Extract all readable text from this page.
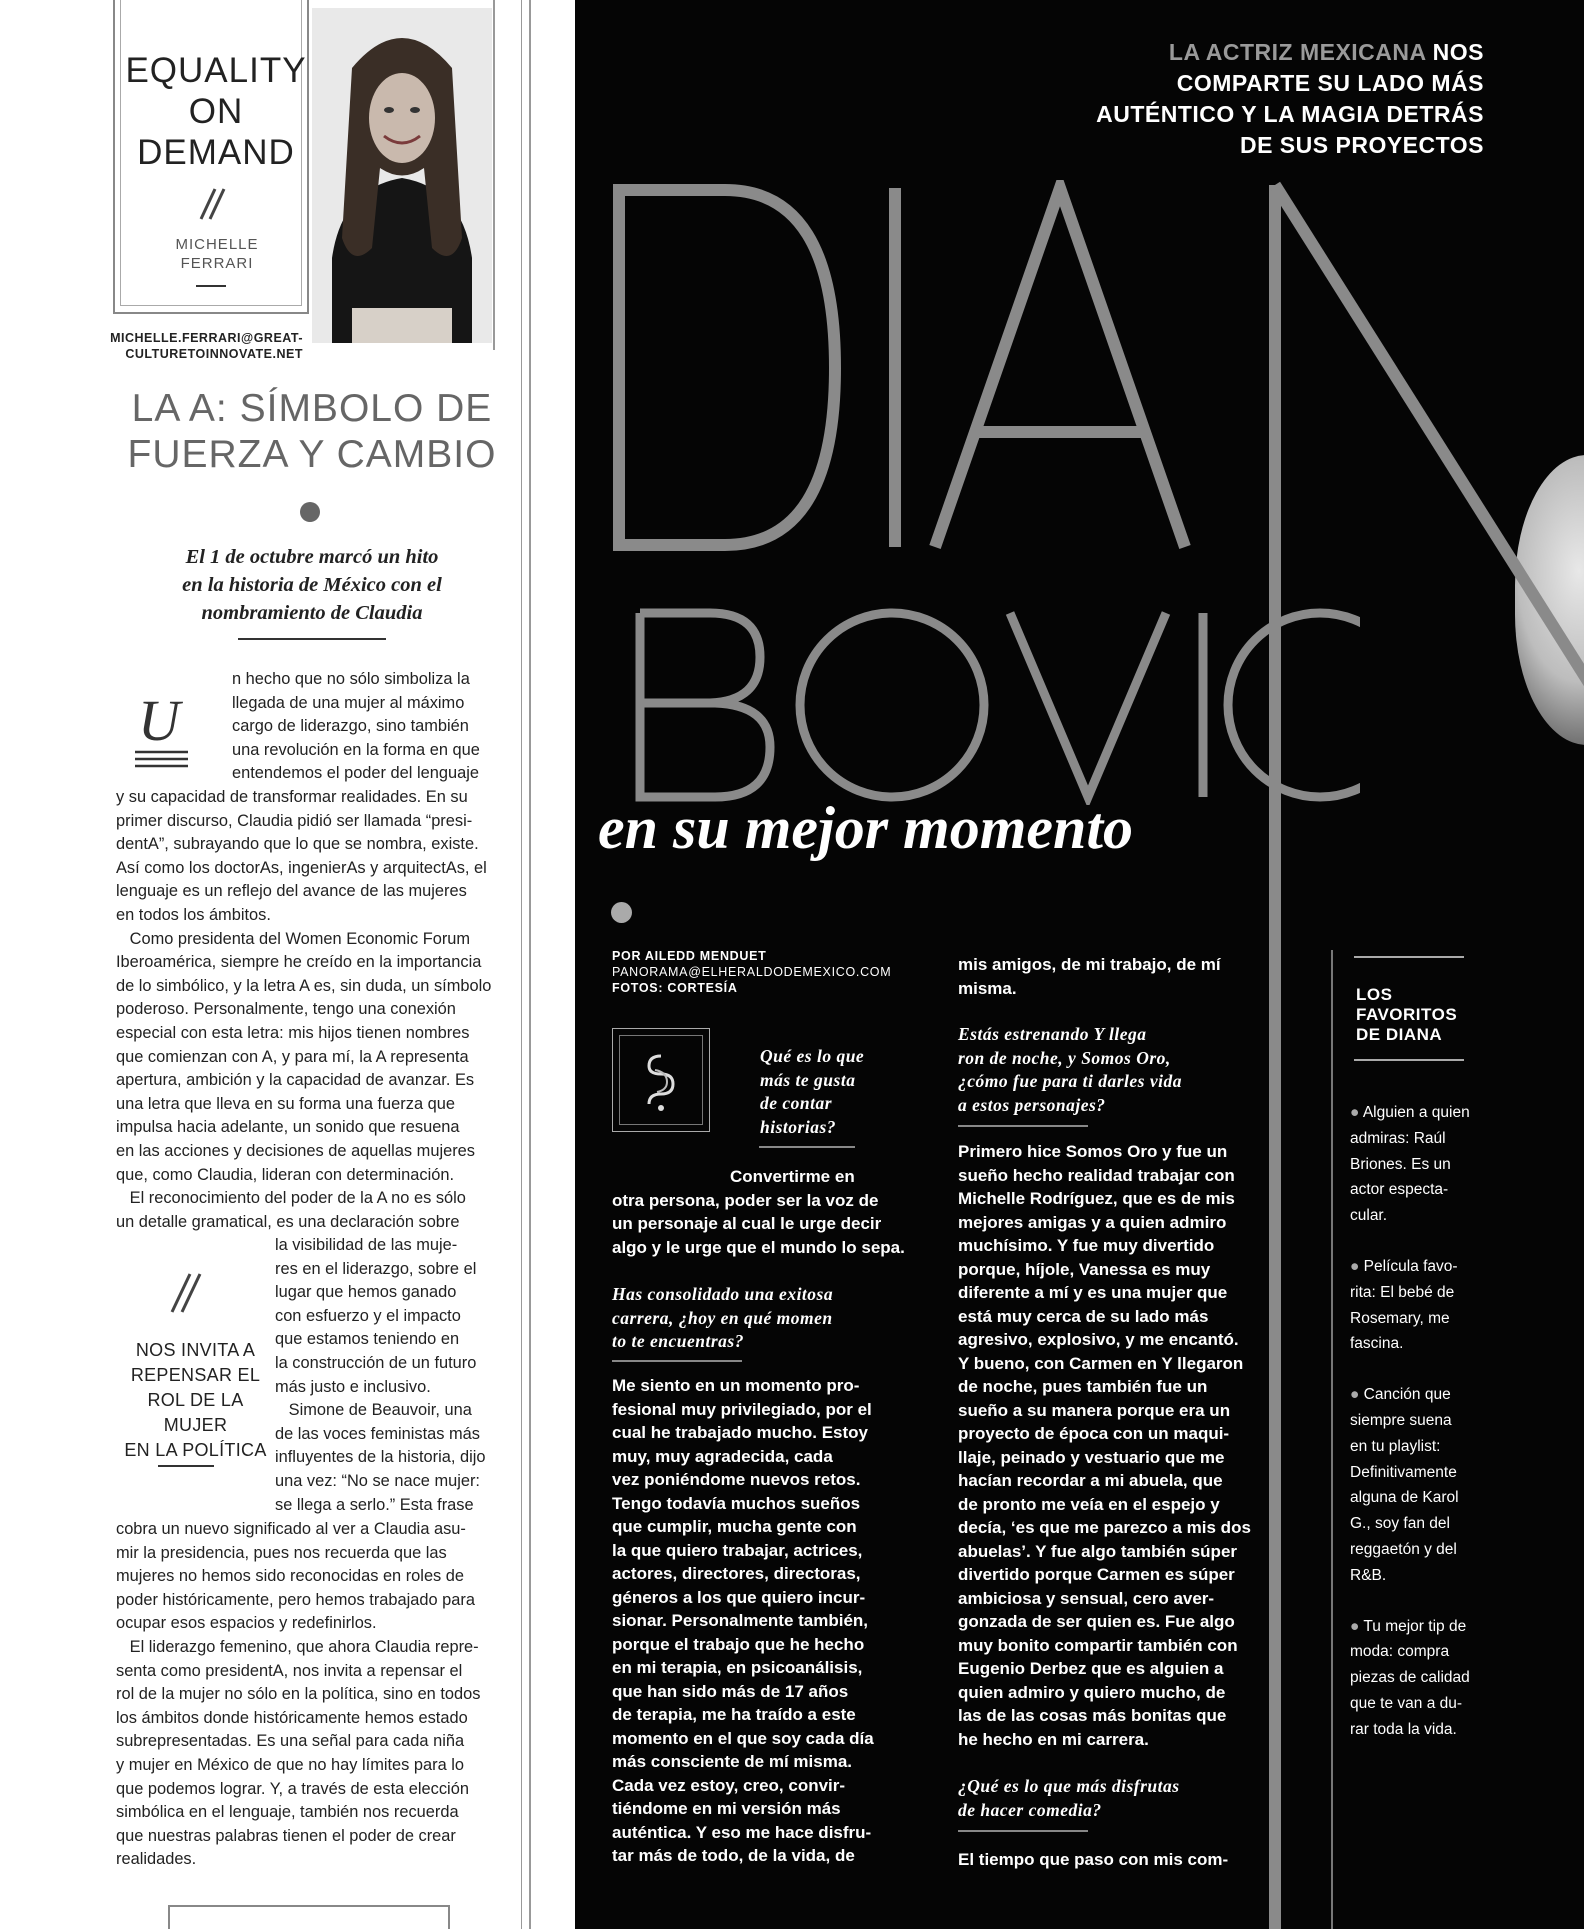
EQUALITY
ON
DEMAND
MICHELLE
FERRARI
MICHELLE.FERRARI@GREAT-
CULTURETOINNOVATE.NET
LA A: SÍMBOLO DE
FUERZA Y CAMBIO
El 1 de octubre marcó un hito
en la historia de México con el
nombramiento de Claudia
U
n hecho que no sólo simboliza la
llegada de una mujer al máximo
cargo de liderazgo, sino también
una revolución en la forma en que
entendemos el poder del lenguaje
y su capacidad de transformar realidades. En su
primer discurso, Claudia pidió ser llamada “presi-
dentA”, subrayando que lo que se nombra, existe.
Así como los doctorAs, ingenierAs y arquitectAs, el
lenguaje es un reflejo del avance de las mujeres
en todos los ámbitos.
Como presidenta del Women Economic Forum
Iberoamérica, siempre he creído en la importancia
de lo simbólico, y la letra A es, sin duda, un símbolo
poderoso. Personalmente, tengo una conexión
especial con esta letra: mis hijos tienen nombres
que comienzan con A, y para mí, la A representa
apertura, ambición y la capacidad de avanzar. Es
una letra que lleva en su forma una fuerza que
impulsa hacia adelante, un sonido que resuena
en las acciones y decisiones de aquellas mujeres
que, como Claudia, lideran con determinación.
El reconocimiento del poder de la A no es sólo
un detalle gramatical, es una declaración sobre
la visibilidad de las muje-
res en el liderazgo, sobre el
lugar que hemos ganado
con esfuerzo y el impacto
que estamos teniendo en
la construcción de un futuro
más justo e inclusivo.
Simone de Beauvoir, una
de las voces feministas más
influyentes de la historia, dijo
una vez: “No se nace mujer:
se llega a serlo.” Esta frase
cobra un nuevo significado al ver a Claudia asu-
mir la presidencia, pues nos recuerda que las
mujeres no hemos sido reconocidas en roles de
poder históricamente, pero hemos trabajado para
ocupar esos espacios y redefinirlos.
El liderazgo femenino, que ahora Claudia repre-
senta como presidentA, nos invita a repensar el
rol de la mujer no sólo en la política, sino en todos
los ámbitos donde históricamente hemos estado
subrepresentadas. Es una señal para cada niña
y mujer en México de que no hay límites para lo
que podemos lograr. Y, a través de esta elección
simbólica en el lenguaje, también nos recuerda
que nuestras palabras tienen el poder de crear
realidades.
NOS INVITA A
REPENSAR EL
ROL DE LA MUJER
EN LA POLÍTICA
LA ACTRIZ MEXICANA NOS
COMPARTE SU LADO MÁS
AUTÉNTICO Y LA MAGIA DETRÁS
DE SUS PROYECTOS
en su mejor momento
POR AILEDD MENDUET
PANORAMA@ELHERALDODEMEXICO.COM
FOTOS: CORTESÍA
Qué es lo que
más te gusta
de contar
historias?
Convertirme en
otra persona, poder ser la voz de
un personaje al cual le urge decir
algo y le urge que el mundo lo sepa.
Has consolidado una exitosa
carrera, ¿hoy en qué momen
to te encuentras?
Me siento en un momento pro-
fesional muy privilegiado, por el
cual he trabajado mucho. Estoy
muy, muy agradecida, cada
vez poniéndome nuevos retos.
Tengo todavía muchos sueños
que cumplir, mucha gente con
la que quiero trabajar, actrices,
actores, directores, directoras,
géneros a los que quiero incur-
sionar. Personalmente también,
porque el trabajo que he hecho
en mi terapia, en psicoanálisis,
que han sido más de 17 años
de terapia, me ha traído a este
momento en el que soy cada día
más consciente de mí misma.
Cada vez estoy, creo, convir-
tiéndome en mi versión más
auténtica. Y eso me hace disfru-
tar más de todo, de la vida, de
mis amigos, de mi trabajo, de mí
misma.
Estás estrenando Y llega
ron de noche, y Somos Oro,
¿cómo fue para ti darles vida
a estos personajes?
Primero hice Somos Oro y fue un
sueño hecho realidad trabajar con
Michelle Rodríguez, que es de mis
mejores amigas y a quien admiro
muchísimo. Y fue muy divertido
porque, híjole, Vanessa es muy
diferente a mí y es una mujer que
está muy cerca de su lado más
agresivo, explosivo, y me encantó.
Y bueno, con Carmen en Y llegaron
de noche, pues también fue un
sueño a su manera porque era un
proyecto de época con un maqui-
llaje, peinado y vestuario que me
hacían recordar a mi abuela, que
de pronto me veía en el espejo y
decía, ‘es que me parezco a mis dos
abuelas’. Y fue algo también súper
divertido porque Carmen es súper
ambiciosa y sensual, cero aver-
gonzada de ser quien es. Fue algo
muy bonito compartir también con
Eugenio Derbez que es alguien a
quien admiro y quiero mucho, de
las de las cosas más bonitas que
he hecho en mi carrera.
¿Qué es lo que más disfrutas
de hacer comedia?
El tiempo que paso con mis com-
LOS
FAVORITOS
DE DIANA
● Alguien a quien
admiras: Raúl
Briones. Es un
actor especta-
cular.
● Película favo-
rita: El bebé de
Rosemary, me
fascina.
● Canción que
siempre suena
en tu playlist:
Definitivamente
alguna de Karol
G., soy fan del
reggaetón y del
R&B.
● Tu mejor tip de
moda: compra
piezas de calidad
que te van a du-
rar toda la vida.
